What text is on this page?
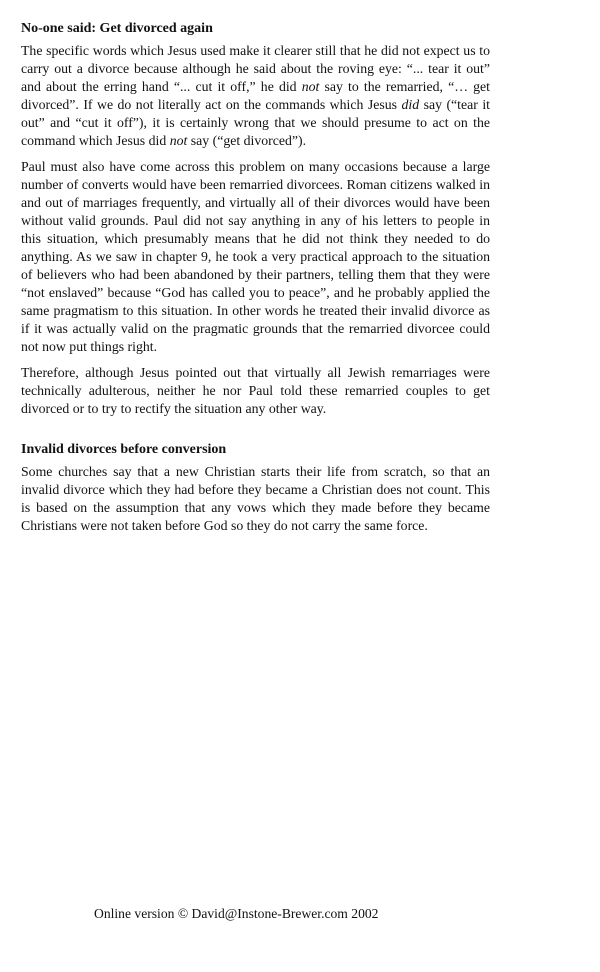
No-one said: Get divorced again

The specific words which Jesus used make it clearer still that he did not expect us to carry out a divorce because although he said about the roving eye: “... tear it out” and about the erring hand “... cut it off,” he did not say to the remarried, “… get divorced”. If we do not literally act on the commands which Jesus did say (“tear it out” and “cut it off”), it is certainly wrong that we should presume to act on the command which Jesus did not say (“get divorced”).

Paul must also have come across this problem on many occasions because a large number of converts would have been remarried divorcees. Roman citizens walked in and out of marriages frequently, and virtually all of their divorces would have been without valid grounds. Paul did not say anything in any of his letters to people in this situation, which presumably means that he did not think they needed to do anything. As we saw in chapter 9, he took a very practical approach to the situation of believers who had been abandoned by their partners, telling them that they were “not enslaved” because “God has called you to peace”, and he probably applied the same pragmatism to this situation. In other words he treated their invalid divorce as if it was actually valid on the pragmatic grounds that the remarried divorcee could not now put things right.

Therefore, although Jesus pointed out that virtually all Jewish remarriages were technically adulterous, neither he nor Paul told these remarried couples to get divorced or to try to rectify the situation any other way.

Invalid divorces before conversion

Some churches say that a new Christian starts their life from scratch, so that an invalid divorce which they had before they became a Christian does not count. This is based on the assumption that any vows which they made before they became Christians were not taken before God so they do not carry the same force.

Online version © David@Instone-Brewer.com 2002
